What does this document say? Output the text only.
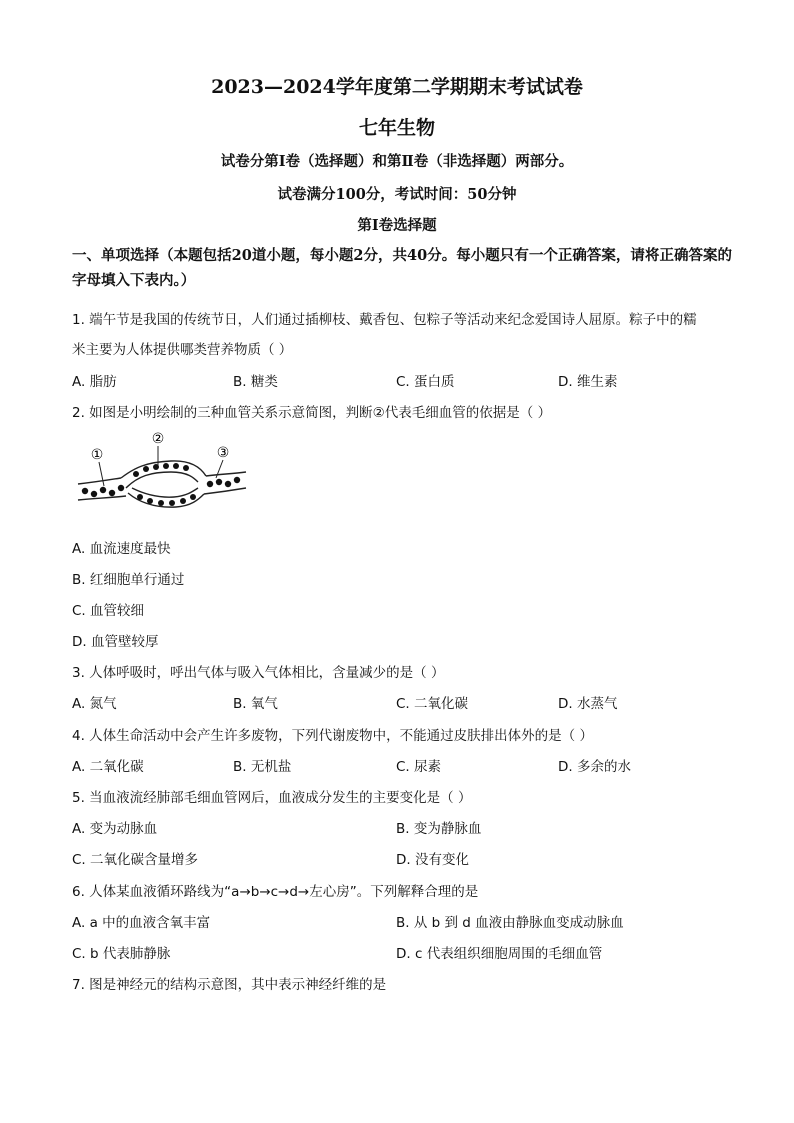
2023—2024学年度第二学期期末考试试卷
七年生物
试卷分第Ⅰ卷（选择题）和第Ⅱ卷（非选择题）两部分。
试卷满分100分，考试时间：50分钟
第Ⅰ卷选择题
一、单项选择（本题包括20道小题，每小题2分，共40分。每小题只有一个正确答案，请将正确答案的字母填入下表内。）
1. 端午节是我国的传统节日，人们通过插柳枝、戴香包、包粽子等活动来纪念爱国诗人屈原。粽子中的糯
米主要为人体提供哪类营养物质（ ）
A. 脂肪	B. 糖类	C. 蛋白质	D. 维生素
2. 如图是小明绘制的三种血管关系示意简图，判断②代表毛细血管的依据是（ ）
①
②
③
A. 血流速度最快
B. 红细胞单行通过
C. 血管较细
D. 血管壁较厚
3. 人体呼吸时，呼出气体与吸入气体相比，含量减少的是（ ）
A. 氮气	B. 氧气	C. 二氧化碳	D. 水蒸气
4. 人体生命活动中会产生许多废物，下列代谢废物中，不能通过皮肤排出体外的是（ ）
A. 二氧化碳	B. 无机盐	C. 尿素	D. 多余的水
5. 当血液流经肺部毛细血管网后，血液成分发生的主要变化是（ ）
A. 变为动脉血	B. 变为静脉血
C. 二氧化碳含量增多	D. 没有变化
6. 人体某血液循环路线为“a→b→c→d→左心房”。下列解释合理的是
A. a 中的血液含氧丰富	B. 从 b 到 d 血液由静脉血变成动脉血
C. b 代表肺静脉	D. c 代表组织细胞周围的毛细血管
7. 图是神经元的结构示意图，其中表示神经纤维的是
